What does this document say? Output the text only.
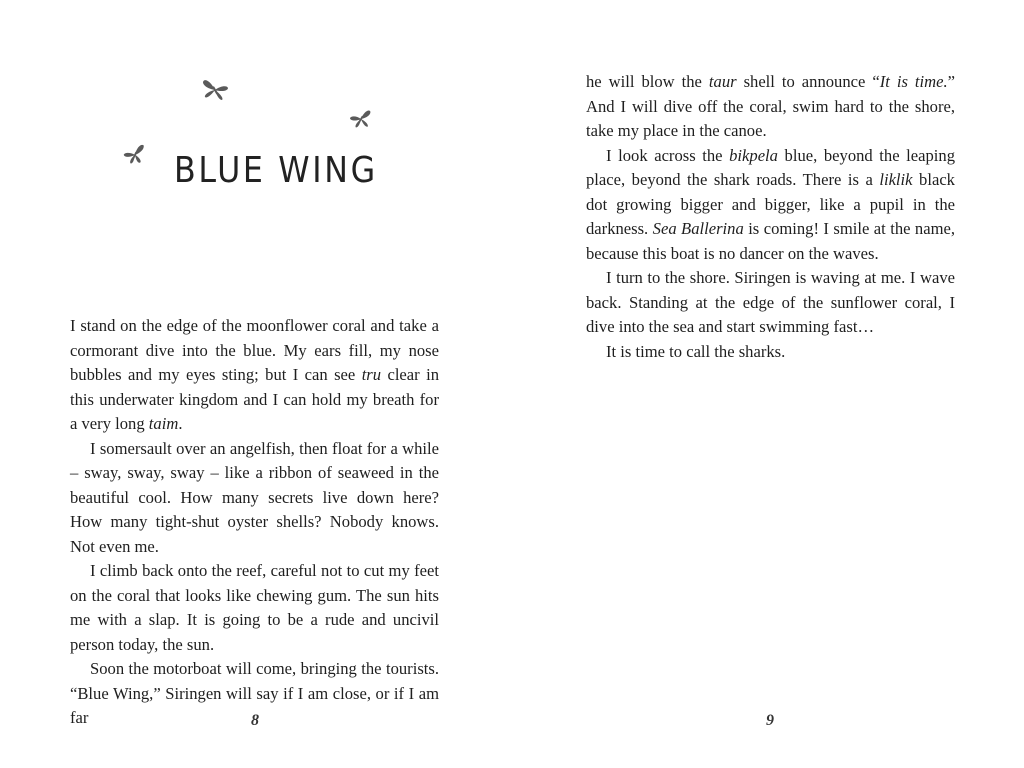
BLUE WING

I stand on the edge of the moonflower coral and take a cormorant dive into the blue. My ears fill, my nose bubbles and my eyes sting; but I can see tru clear in this underwater kingdom and I can hold my breath for a very long taim.

I somersault over an angelfish, then float for a while – sway, sway, sway – like a ribbon of seaweed in the beautiful cool. How many secrets live down here? How many tight-shut oyster shells? Nobody knows. Not even me.

I climb back onto the reef, careful not to cut my feet on the coral that looks like chewing gum. The sun hits me with a slap. It is going to be a rude and uncivil person today, the sun.

Soon the motorboat will come, bringing the tourists. “Blue Wing,” Siringen will say if I am close, or if I am far	8

he will blow the taur shell to announce “It is time.” And I will dive off the coral, swim hard to the shore, take my place in the canoe.

I look across the bikpela blue, beyond the leaping place, beyond the shark roads. There is a liklik black dot growing bigger and bigger, like a pupil in the darkness. Sea Ballerina is coming! I smile at the name, because this boat is no dancer on the waves.

I turn to the shore. Siringen is waving at me. I wave back. Standing at the edge of the sunflower coral, I dive into the sea and start swimming fast…

It is time to call the sharks.

9
